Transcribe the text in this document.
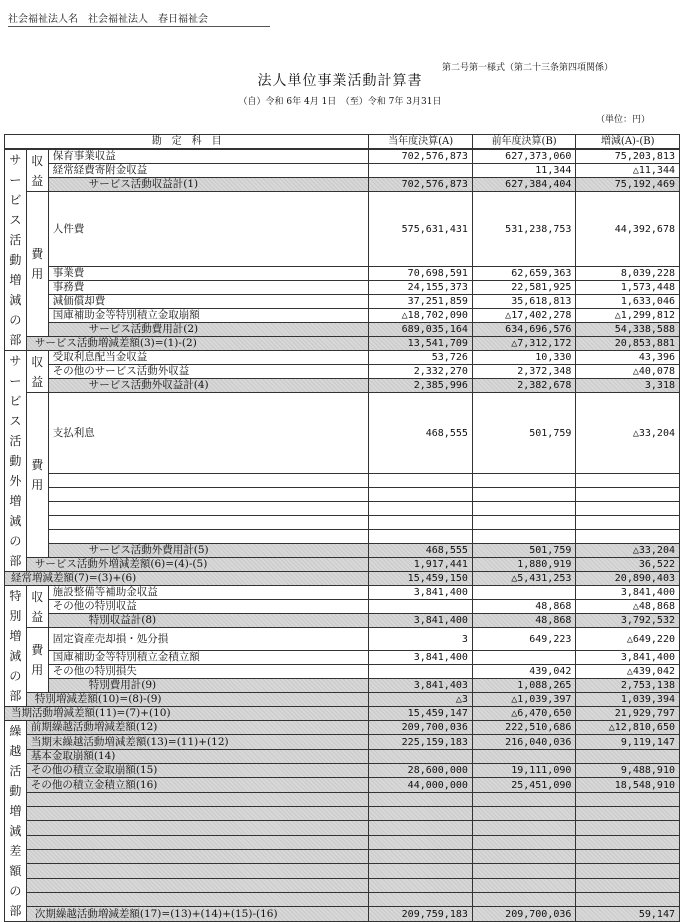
社会福祉法人名　社会福祉法人　春日福祉会
第二号第一様式（第二十三条第四項関係）
法人単位事業活動計算書
（自）令和 6年 4月 1日　（至）令和 7年 3月31日
（単位：円）
勘　定　科　目			当年度決算(A)	前年度決算(B)	増減(A)-(B)
サービス活動増減の部	収益	保育事業収益	702,576,873	627,373,060	75,203,813
		経常経費寄附金収益		11,344	△11,344
		サービス活動収益計(1)	702,576,873	627,384,404	75,192,469
	費用	人件費	575,631,431	531,238,753	44,392,678
		事業費	70,698,591	62,659,363	8,039,228
		事務費	24,155,373	22,581,925	1,573,448
		減価償却費	37,251,859	35,618,813	1,633,046
		国庫補助金等特別積立金取崩額	△18,702,090	△17,402,278	△1,299,812
		サービス活動費用計(2)	689,035,164	634,696,576	54,338,588
	サービス活動増減差額(3)=(1)-(2)		13,541,709	△7,312,172	20,853,881
サービス活動外増減の部	収益	受取利息配当金収益	53,726	10,330	43,396
		その他のサービス活動外収益	2,332,270	2,372,348	△40,078
		サービス活動外収益計(4)	2,385,996	2,382,678	3,318
	費用	支払利息	468,555	501,759	△33,204

		サービス活動外費用計(5)	468,555	501,759	△33,204
	サービス活動外増減差額(6)=(4)-(5)		1,917,441	1,880,919	36,522
経常増減差額(7)=(3)+(6)			15,459,150	△5,431,253	20,890,403
特別増減の部	収益	施設整備等補助金収益	3,841,400		3,841,400
		その他の特別収益		48,868	△48,868
		特別収益計(8)	3,841,400	48,868	3,792,532
	費用	固定資産売却損・処分損	3	649,223	△649,220
		国庫補助金等特別積立金積立額	3,841,400		3,841,400
		その他の特別損失		439,042	△439,042
		特別費用計(9)	3,841,403	1,088,265	2,753,138
	特別増減差額(10)=(8)-(9)		△3	△1,039,397	1,039,394
当期活動増減差額(11)=(7)+(10)			15,459,147	△6,470,650	21,929,797
繰越活動増減差額の部	前期繰越活動増減差額(12)		209,700,036	222,510,686	△12,810,650
	当期末繰越活動増減差額(13)=(11)+(12)		225,159,183	216,040,036	9,119,147
	基本金取崩額(14)				
	その他の積立金取崩額(15)		28,600,000	19,111,090	9,488,910
	その他の積立金積立額(16)		44,000,000	25,451,090	18,548,910

	次期繰越活動増減差額(17)=(13)+(14)+(15)-(16)		209,759,183	209,700,036	59,147
